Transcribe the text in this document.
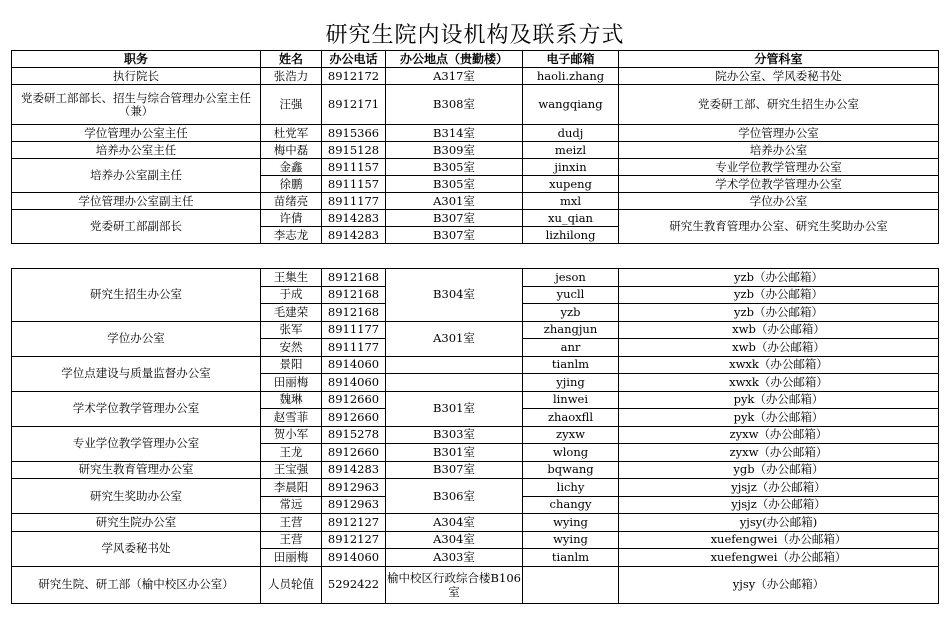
研究生院内设机构及联系方式
职务	姓名	办公电话	办公地点（贵勤楼）	电子邮箱	分管科室
执行院长	张浩力	8912172	A317室	haoli.zhang	院办公室、学风委秘书处
党委研工部部长、招生与综合管理办公室主任（兼）	汪强	8912171	B308室	wangqiang	党委研工部、研究生招生办公室
学位管理办公室主任	杜党军	8915366	B314室	dudj	学位管理办公室
培养办公室主任	梅中磊	8915128	B309室	meizl	培养办公室
培养办公室副主任	金鑫	8911157	B305室	jinxin	专业学位教学管理办公室
	徐鹏	8911157	B305室	xupeng	学术学位教学管理办公室
学位管理办公室副主任	苗绪亮	8911177	A301室	mxl	学位办公室
党委研工部副部长	许倩	8914283	B307室	xu_qian	研究生教育管理办公室、研究生奖助办公室
	李志龙	8914283	B307室	lizhilong	
研究生招生办公室	王集生	8912168	B304室	jeson	yzb（办公邮箱）
	于成	8912168		yucll	yzb（办公邮箱）
	毛建荣	8912168		yzb	yzb（办公邮箱）
学位办公室	张军	8911177	A301室	zhangjun	xwb（办公邮箱）
	安然	8911177		anr	xwb（办公邮箱）
学位点建设与质量监督办公室	景阳	8914060		tianlm	xwxk（办公邮箱）
	田丽梅	8914060		yjing	xwxk（办公邮箱）
学术学位教学管理办公室	魏琳	8912660	B301室	linwei	pyk（办公邮箱）
	赵雪菲	8912660		zhaoxfll	pyk（办公邮箱）
专业学位教学管理办公室	贺小军	8915278	B303室	zyxw	zyxw（办公邮箱）
	王龙	8912660	B301室	wlong	zyxw（办公邮箱）
研究生教育管理办公室	王宝强	8914283	B307室	bqwang	ygb（办公邮箱）
研究生奖助办公室	李晨阳	8912963	B306室	lichy	yjsjz（办公邮箱）
	常远	8912963		changy	yjsjz（办公邮箱）
研究生院办公室	王营	8912127	A304室	wying	yjsy(办公邮箱)
学风委秘书处	王营	8912127	A304室	wying	xuefengwei（办公邮箱）
	田丽梅	8914060	A303室	tianlm	xuefengwei（办公邮箱）
研究生院、研工部（榆中校区办公室）	人员轮值	5292422	榆中校区行政综合楼B106室		yjsy（办公邮箱）
